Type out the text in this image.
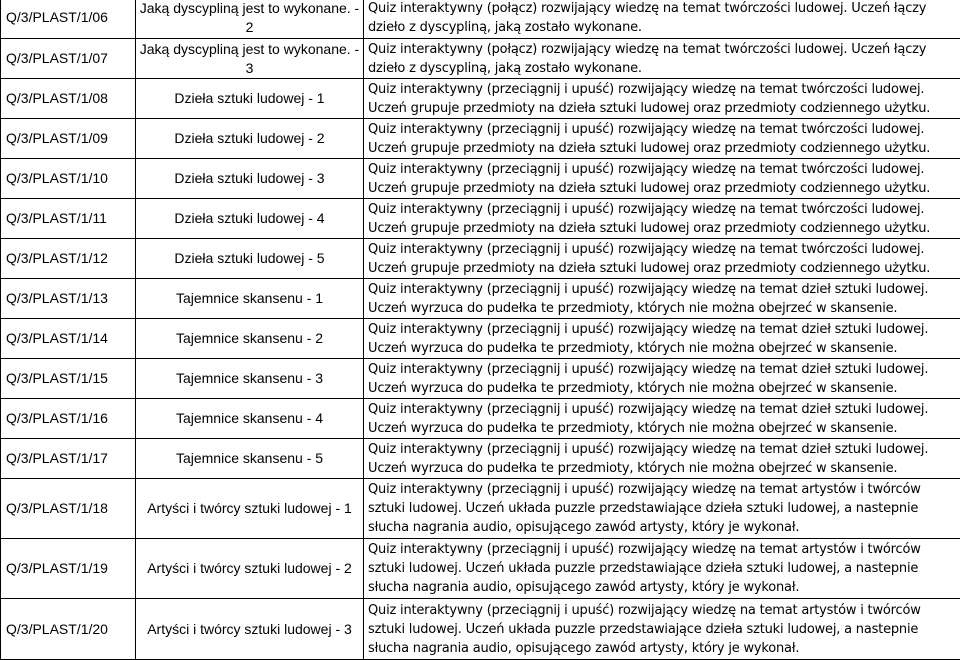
Q/3/PLAST/1/06	Jaką dyscypliną jest to wykonane. - 2	Quiz interaktywny (połącz) rozwijający wiedzę na temat twórczości ludowej. Uczeń łączy dzieło z dyscypliną, jaką zostało wykonane.
Q/3/PLAST/1/07	Jaką dyscypliną jest to wykonane. - 3	Quiz interaktywny (połącz) rozwijający wiedzę na temat twórczości ludowej. Uczeń łączy dzieło z dyscypliną, jaką zostało wykonane.
Q/3/PLAST/1/08	Dzieła sztuki ludowej - 1	Quiz interaktywny (przeciągnij i upuść) rozwijający wiedzę na temat twórczości ludowej. Uczeń grupuje przedmioty na dzieła sztuki ludowej oraz przedmioty codziennego użytku.
Q/3/PLAST/1/09	Dzieła sztuki ludowej - 2	Quiz interaktywny (przeciągnij i upuść) rozwijający wiedzę na temat twórczości ludowej. Uczeń grupuje przedmioty na dzieła sztuki ludowej oraz przedmioty codziennego użytku.
Q/3/PLAST/1/10	Dzieła sztuki ludowej - 3	Quiz interaktywny (przeciągnij i upuść) rozwijający wiedzę na temat twórczości ludowej. Uczeń grupuje przedmioty na dzieła sztuki ludowej oraz przedmioty codziennego użytku.
Q/3/PLAST/1/11	Dzieła sztuki ludowej - 4	Quiz interaktywny (przeciągnij i upuść) rozwijający wiedzę na temat twórczości ludowej. Uczeń grupuje przedmioty na dzieła sztuki ludowej oraz przedmioty codziennego użytku.
Q/3/PLAST/1/12	Dzieła sztuki ludowej - 5	Quiz interaktywny (przeciągnij i upuść) rozwijający wiedzę na temat twórczości ludowej. Uczeń grupuje przedmioty na dzieła sztuki ludowej oraz przedmioty codziennego użytku.
Q/3/PLAST/1/13	Tajemnice skansenu - 1	Quiz interaktywny (przeciągnij i upuść) rozwijający wiedzę na temat dzieł sztuki ludowej. Uczeń wyrzuca do pudełka te przedmioty, których nie można obejrzeć w skansenie.
Q/3/PLAST/1/14	Tajemnice skansenu - 2	Quiz interaktywny (przeciągnij i upuść) rozwijający wiedzę na temat dzieł sztuki ludowej. Uczeń wyrzuca do pudełka te przedmioty, których nie można obejrzeć w skansenie.
Q/3/PLAST/1/15	Tajemnice skansenu - 3	Quiz interaktywny (przeciągnij i upuść) rozwijający wiedzę na temat dzieł sztuki ludowej. Uczeń wyrzuca do pudełka te przedmioty, których nie można obejrzeć w skansenie.
Q/3/PLAST/1/16	Tajemnice skansenu - 4	Quiz interaktywny (przeciągnij i upuść) rozwijający wiedzę na temat dzieł sztuki ludowej. Uczeń wyrzuca do pudełka te przedmioty, których nie można obejrzeć w skansenie.
Q/3/PLAST/1/17	Tajemnice skansenu - 5	Quiz interaktywny (przeciągnij i upuść) rozwijający wiedzę na temat dzieł sztuki ludowej. Uczeń wyrzuca do pudełka te przedmioty, których nie można obejrzeć w skansenie.
Q/3/PLAST/1/18	Artyści i twórcy sztuki ludowej - 1	Quiz interaktywny (przeciągnij i upuść) rozwijający wiedzę na temat artystów i twórców sztuki ludowej. Uczeń układa puzzle przedstawiające dzieła sztuki ludowej, a nastepnie słucha nagrania audio, opisującego zawód artysty, który je wykonał.
Q/3/PLAST/1/19	Artyści i twórcy sztuki ludowej - 2	Quiz interaktywny (przeciągnij i upuść) rozwijający wiedzę na temat artystów i twórców sztuki ludowej. Uczeń układa puzzle przedstawiające dzieła sztuki ludowej, a nastepnie słucha nagrania audio, opisującego zawód artysty, który je wykonał.
Q/3/PLAST/1/20	Artyści i twórcy sztuki ludowej - 3	Quiz interaktywny (przeciągnij i upuść) rozwijający wiedzę na temat artystów i twórców sztuki ludowej. Uczeń układa puzzle przedstawiające dzieła sztuki ludowej, a nastepnie słucha nagrania audio, opisującego zawód artysty, który je wykonał.
